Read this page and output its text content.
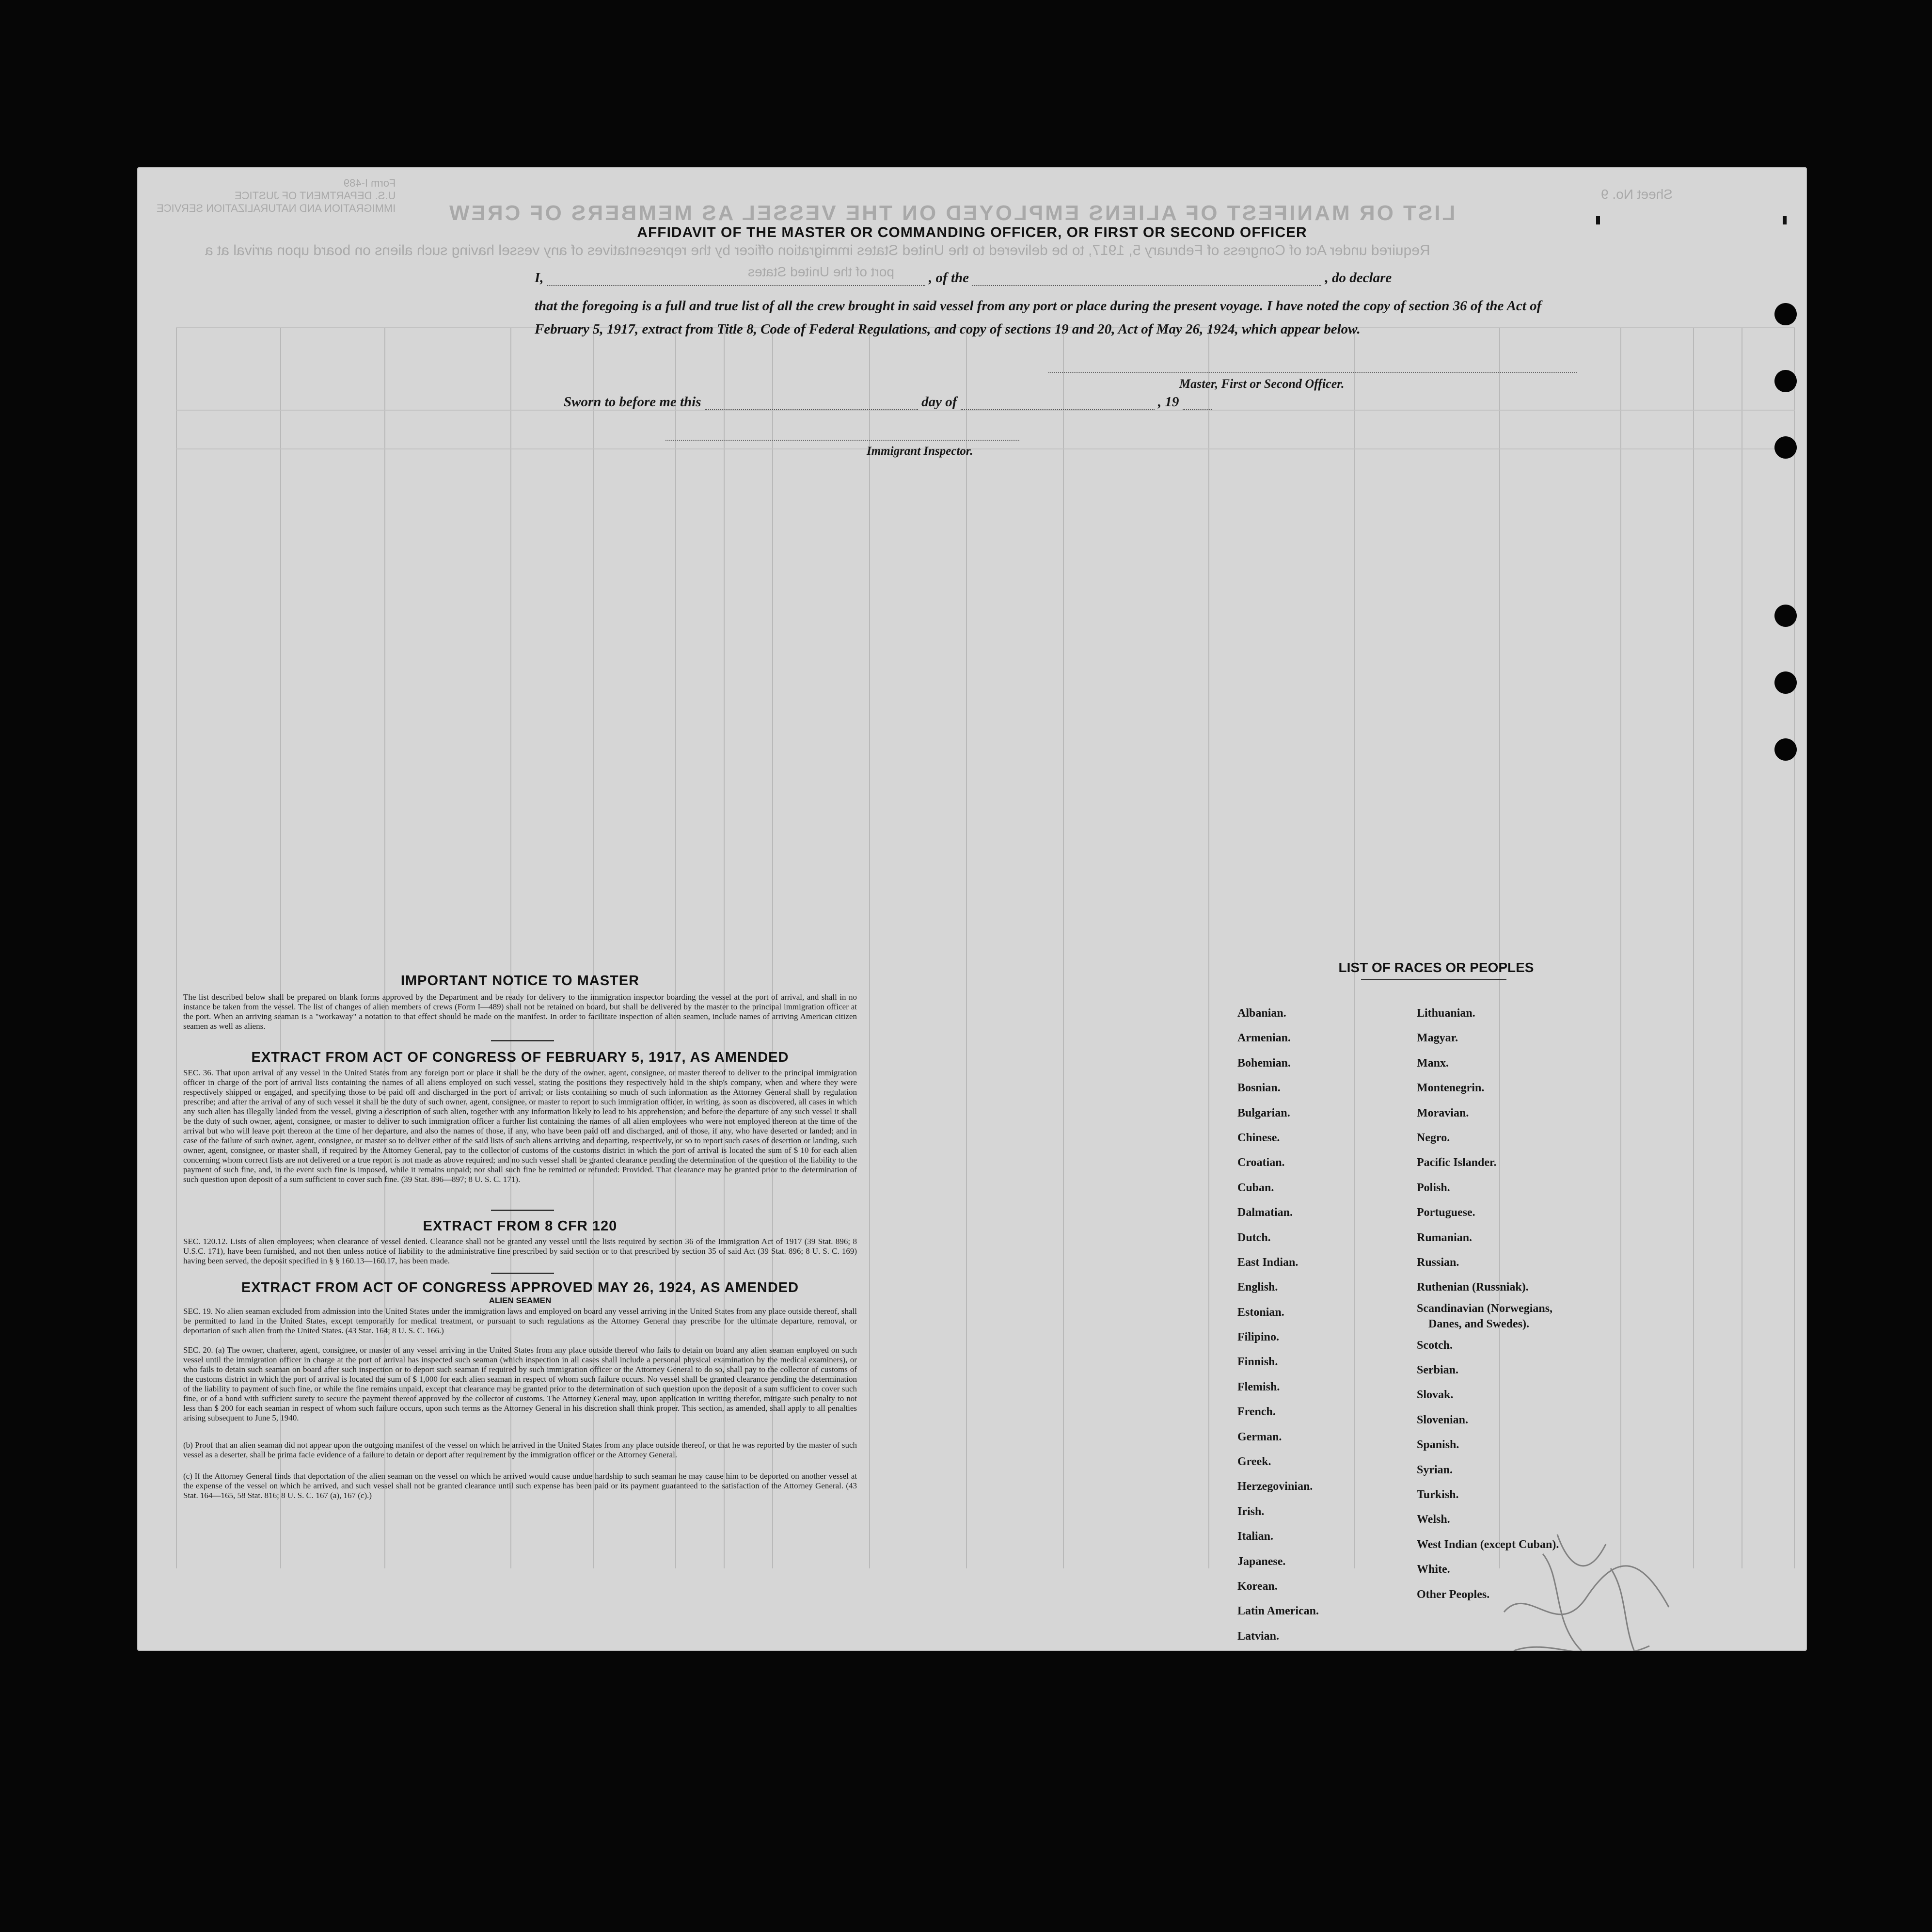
Form I-489
U.S. DEPARTMENT OF JUSTICE
IMMIGRATION AND NATURALIZATION SERVICE LIST OR MANIFEST OF ALIENS EMPLOYED ON THE VESSEL AS MEMBERS OF CREW
Sheet No. 9
Required under Act of Congress of February 5, 1917, to be delivered to the United States immigration officer by the representatives of any vessel having such aliens on board upon arrival at a
port of the United States
AFFIDAVIT OF THE MASTER OR COMMANDING OFFICER, OR FIRST OR SECOND OFFICER
I,	, of the	, do declare
that the foregoing is a full and true list of all the crew brought in said vessel from any port or place during the present voyage. I have noted the copy of section 36 of the Act of February 5, 1917, extract from Title 8, Code of Federal Regulations, and copy of sections 19 and 20, Act of May 26, 1924, which appear below.
Master, First or Second Officer.
Sworn to before me this	day of	, 19
Immigrant Inspector.
IMPORTANT NOTICE TO MASTER
The list described below shall be prepared on blank forms approved by the Department and be ready for delivery to the immigration inspector boarding the vessel at the port of arrival, and shall in no instance be taken from the vessel. The list of changes of alien members of crews (Form I—489) shall not be retained on board, but shall be delivered by the master to the principal immigration officer at the port. When an arriving seaman is a "workaway" a notation to that effect should be made on the manifest. In order to facilitate inspection of alien seamen, include names of arriving American citizen seamen as well as aliens.
EXTRACT FROM ACT OF CONGRESS OF FEBRUARY 5, 1917, AS AMENDED
SEC. 36. That upon arrival of any vessel in the United States from any foreign port or place it shall be the duty of the owner, agent, consignee, or master thereof to deliver to the principal immigration officer in charge of the port of arrival lists containing the names of all aliens employed on such vessel, stating the positions they respectively hold in the ship's company, when and where they were respectively shipped or engaged, and specifying those to be paid off and discharged in the port of arrival; or lists containing so much of such information as the Attorney General shall by regulation prescribe; and after the arrival of any of such vessel it shall be the duty of such owner, agent, consignee, or master to report to such immigration officer, in writing, as soon as discovered, all cases in which any such alien has illegally landed from the vessel, giving a description of such alien, together with any information likely to lead to his apprehension; and before the departure of any such vessel it shall be the duty of such owner, agent, consignee, or master to deliver to such immigration officer a further list containing the names of all alien employees who were not employed thereon at the time of the arrival but who will leave port thereon at the time of her departure, and also the names of those, if any, who have been paid off and discharged, and of those, if any, who have deserted or landed; and in case of the failure of such owner, agent, consignee, or master so to deliver either of the said lists of such aliens arriving and departing, respectively, or so to report such cases of desertion or landing, such owner, agent, consignee, or master shall, if required by the Attorney General, pay to the collector of customs of the customs district in which the port of arrival is located the sum of $ 10 for each alien concerning whom correct lists are not delivered or a true report is not made as above required; and no such vessel shall be granted clearance pending the determination of the question of the liability to the payment of such fine, and, in the event such fine is imposed, while it remains unpaid; nor shall such fine be remitted or refunded: Provided. That clearance may be granted prior to the determination of such question upon deposit of a sum sufficient to cover such fine. (39 Stat. 896—897; 8 U. S. C. 171).
EXTRACT FROM 8 CFR 120
SEC. 120.12. Lists of alien employees; when clearance of vessel denied. Clearance shall not be granted any vessel until the lists required by section 36 of the Immigration Act of 1917 (39 Stat. 896; 8 U.S.C. 171), have been furnished, and not then unless notice of liability to the administrative fine prescribed by said section or to that prescribed by section 35 of said Act (39 Stat. 896; 8 U. S. C. 169) having been served, the deposit specified in § § 160.13—160.17, has been made.
EXTRACT FROM ACT OF CONGRESS APPROVED MAY 26, 1924, AS AMENDED
ALIEN SEAMEN
SEC. 19. No alien seaman excluded from admission into the United States under the immigration laws and employed on board any vessel arriving in the United States from any place outside thereof, shall be permitted to land in the United States, except temporarily for medical treatment, or pursuant to such regulations as the Attorney General may prescribe for the ultimate departure, removal, or deportation of such alien from the United States. (43 Stat. 164; 8 U. S. C. 166.)
SEC. 20. (a) The owner, charterer, agent, consignee, or master of any vessel arriving in the United States from any place outside thereof who fails to detain on board any alien seaman employed on such vessel until the immigration officer in charge at the port of arrival has inspected such seaman (which inspection in all cases shall include a personal physical examination by the medical examiners), or who fails to detain such seaman on board after such inspection or to deport such seaman if required by such immigration officer or the Attorney General to do so, shall pay to the collector of customs of the customs district in which the port of arrival is located the sum of $ 1,000 for each alien seaman in respect of whom such failure occurs. No vessel shall be granted clearance pending the determination of the liability to payment of such fine, or while the fine remains unpaid, except that clearance may be granted prior to the determination of such question upon the deposit of a sum sufficient to cover such fine, or of a bond with sufficient surety to secure the payment thereof approved by the collector of customs. The Attorney General may, upon application in writing therefor, mitigate such penalty to not less than $ 200 for each seaman in respect of whom such failure occurs, upon such terms as the Attorney General in his discretion shall think proper. This section, as amended, shall apply to all penalties arising subsequent to June 5, 1940.
(b) Proof that an alien seaman did not appear upon the outgoing manifest of the vessel on which he arrived in the United States from any place outside thereof, or that he was reported by the master of such vessel as a deserter, shall be prima facie evidence of a failure to detain or deport after requirement by the immigration officer or the Attorney General.
(c) If the Attorney General finds that deportation of the alien seaman on the vessel on which he arrived would cause undue hardship to such seaman he may cause him to be deported on another vessel at the expense of the vessel on which he arrived, and such vessel shall not be granted clearance until such expense has been paid or its payment guaranteed to the satisfaction of the Attorney General. (43 Stat. 164—165, 58 Stat. 816; 8 U. S. C. 167 (a), 167 (c).)
LIST OF RACES OR PEOPLES
Albanian.
Armenian.
Bohemian.
Bosnian.
Bulgarian.
Chinese.
Croatian.
Cuban.
Dalmatian.
Dutch.
East Indian.
English.
Estonian.
Filipino.
Finnish.
Flemish.
French.
German.
Greek.
Herzegovinian.
Irish.
Italian.
Japanese.
Korean.
Latin American.
Latvian.
Lithuanian.
Magyar.
Manx.
Montenegrin.
Moravian.
Negro.
Pacific Islander.
Polish.
Portuguese.
Rumanian.
Russian.
Ruthenian (Russniak).
Scandinavian (Norwegians,
Danes, and Swedes).
Scotch.
Serbian.
Slovak.
Slovenian.
Spanish.
Syrian.
Turkish.
Welsh.
West Indian (except Cuban).
White.
Other Peoples.
